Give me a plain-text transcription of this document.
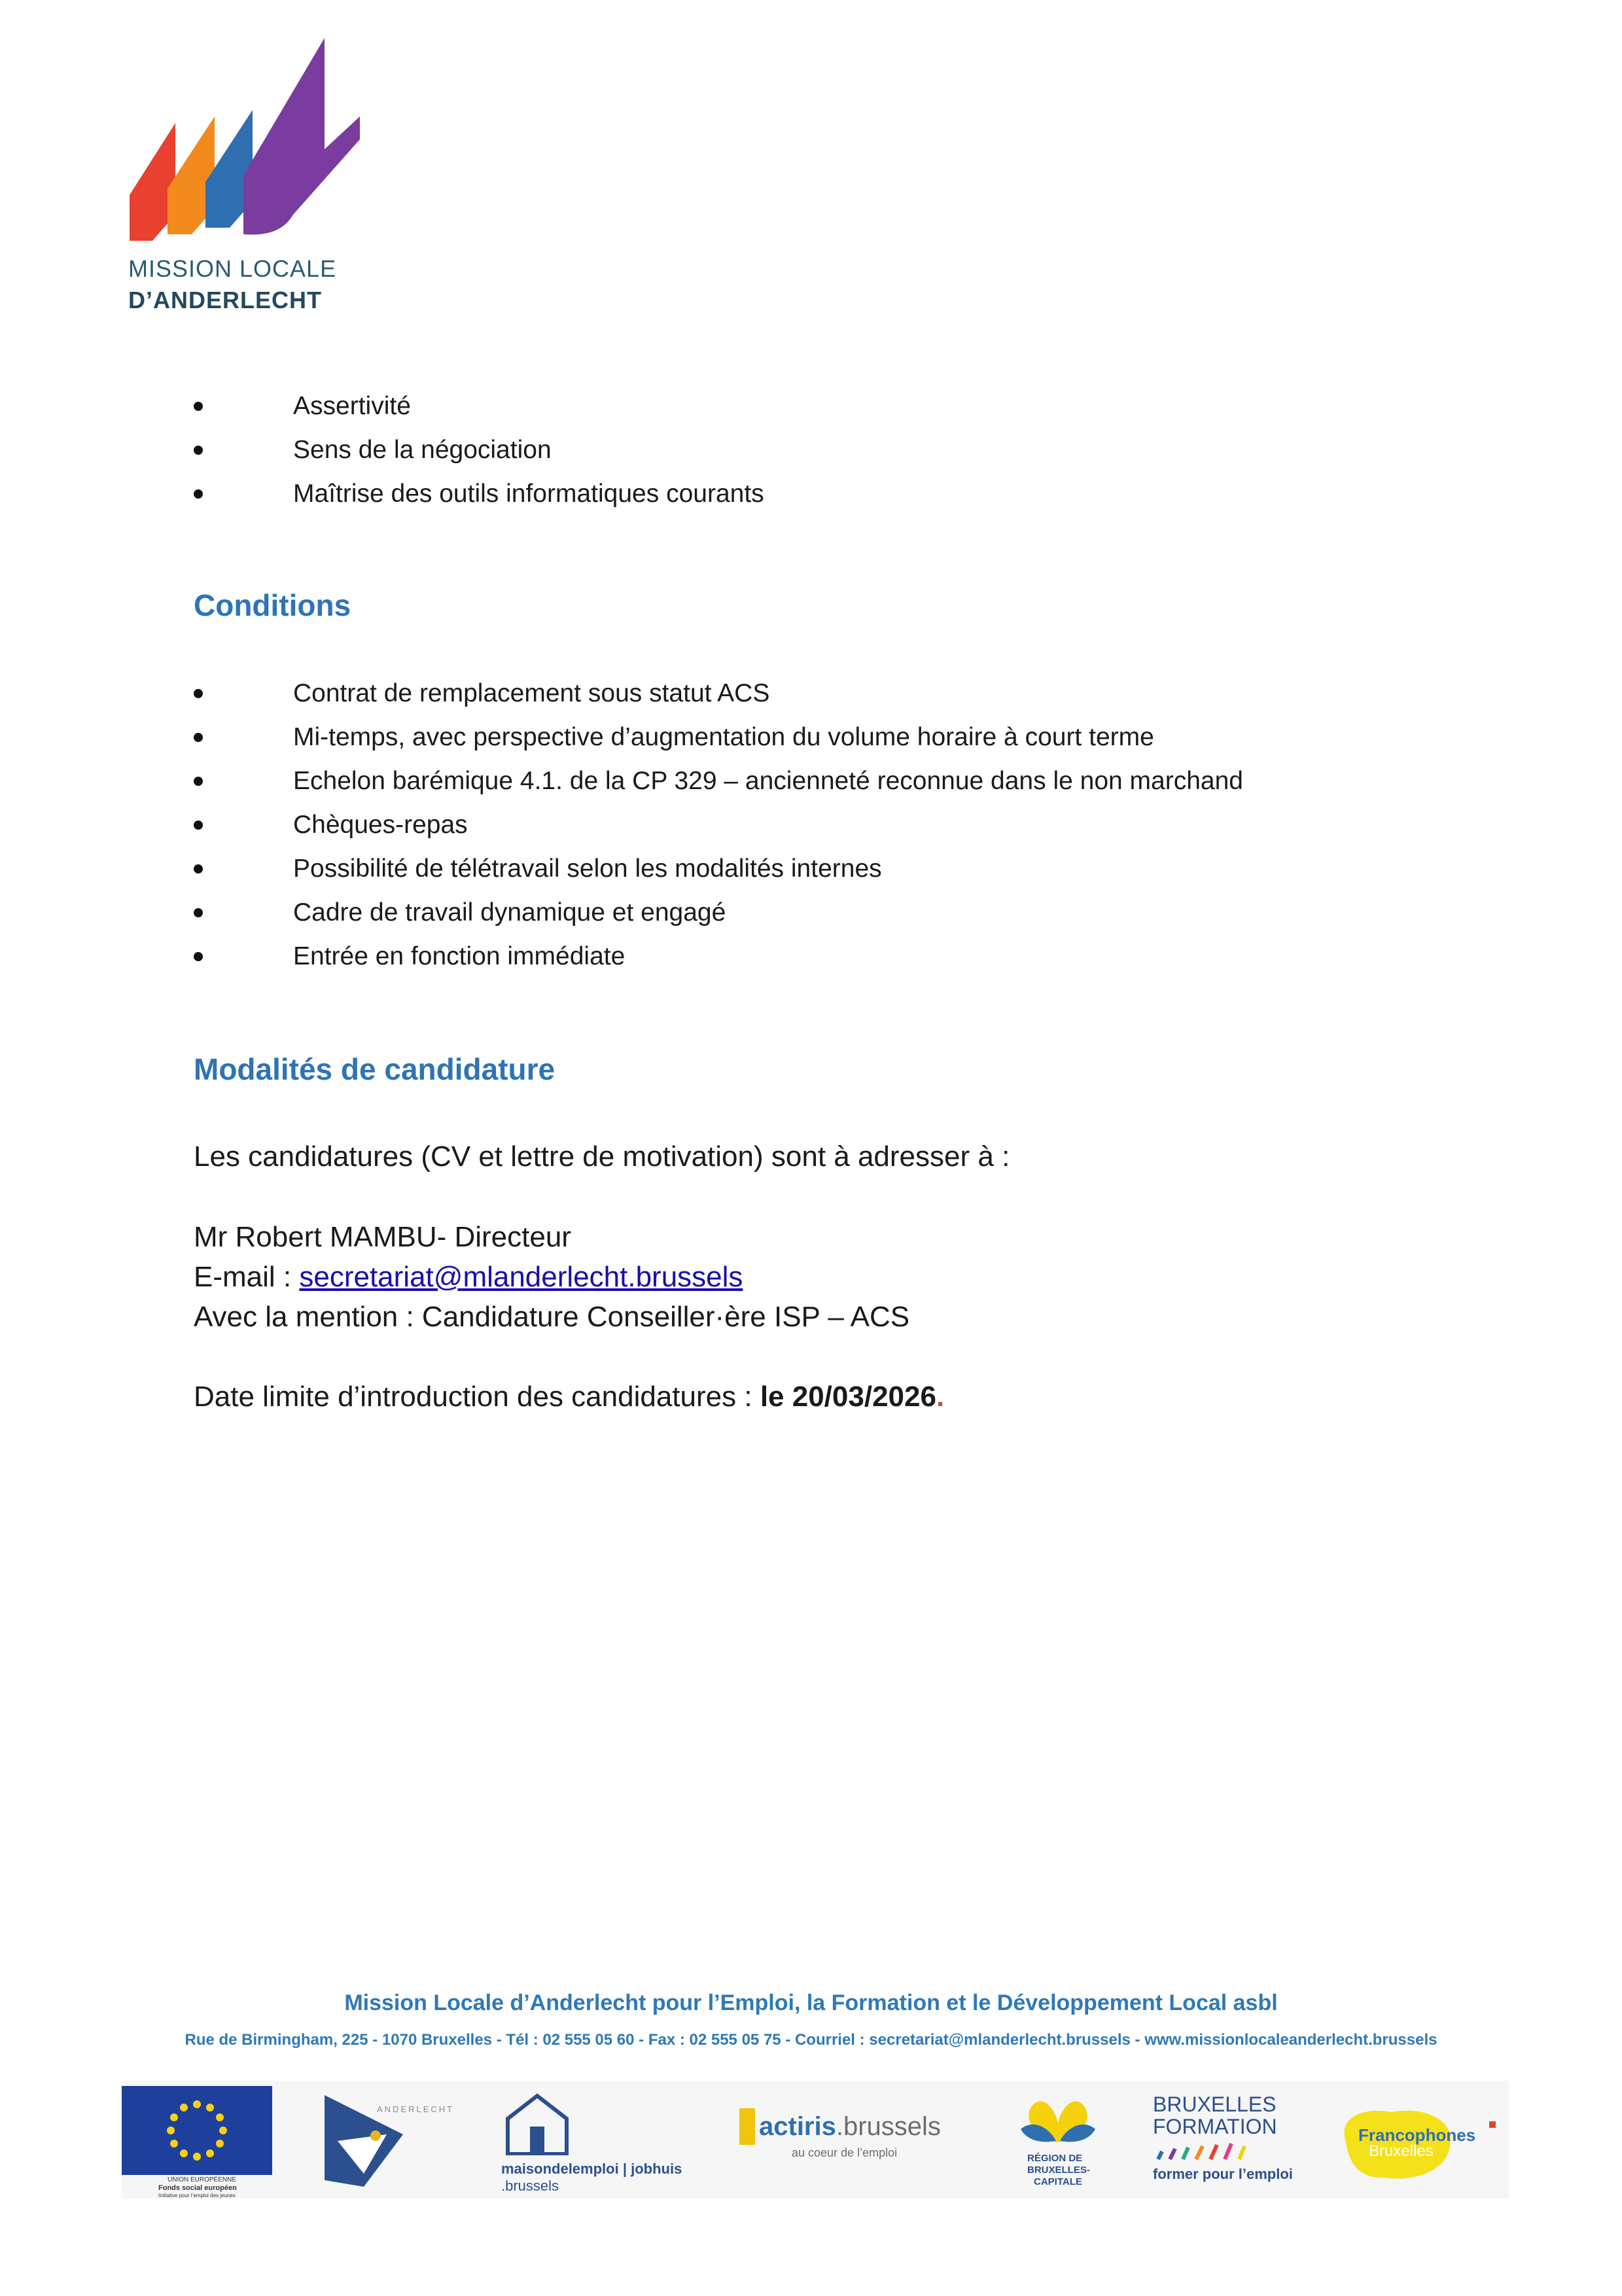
MISSION LOCALE
D’ANDERLECHT
Assertivité
Sens de la négociation
Maîtrise des outils informatiques courants
Conditions
Contrat de remplacement sous statut ACS
Mi-temps, avec perspective d’augmentation du volume horaire à court terme
Echelon barémique 4.1. de la CP 329 – ancienneté reconnue dans le non marchand
Chèques-repas
Possibilité de télétravail selon les modalités internes
Cadre de travail dynamique et engagé
Entrée en fonction immédiate
Modalités de candidature
Les candidatures (CV et lettre de motivation) sont à adresser à :
Mr Robert MAMBU- Directeur
E-mail : secretariat@mlanderlecht.brussels
Avec la mention : Candidature Conseiller·ère ISP – ACS
Date limite d’introduction des candidatures : le 20/03/2026.
Mission Locale d’Anderlecht pour l’Emploi, la Formation et le Développement Local asbl
Rue de Birmingham, 225 - 1070 Bruxelles - Tél : 02 555 05 60 - Fax : 02 555 05 75 - Courriel : secretariat@mlanderlecht.brussels - www.missionlocaleanderlecht.brussels
UNION EUROPÉENNE
Fonds social européen
Initiative pour l’emploi des jeunes
ANDERLECHT
maisondelemploi | jobhuis
.brussels
actiris.brussels
au coeur de l’emploi	RÉGION DE
BRUXELLES-
CAPITALE
BRUXELLES
FORMATION
former pour l’emploi
Francophones
Bruxelles
